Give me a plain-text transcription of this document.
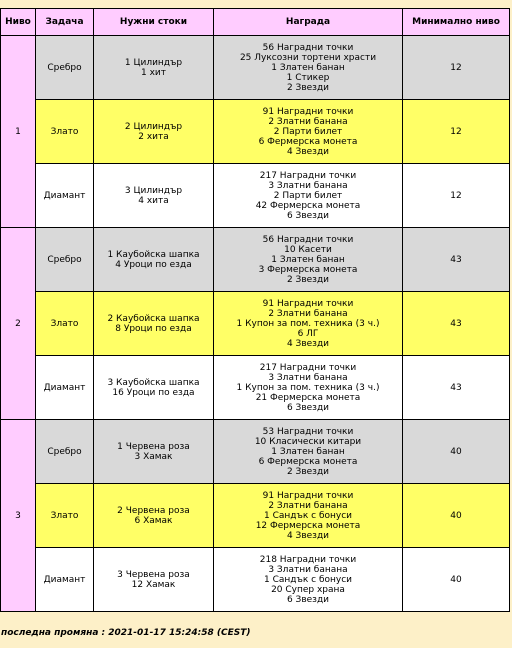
Ниво	Задача	Нужни стоки	Награда	Минимално ниво
1	Сребро	1 Цилиндър
1 хит	56 Наградни точки
25 Луксозни тортени храсти
1 Златен банан
1 Стикер
2 Звезди	12
	Злато	2 Цилиндър
2 хита	91 Наградни точки
2 Златни банана
2 Парти билет
6 Фермерска монета
4 Звезди	12
	Диамант	3 Цилиндър
4 хита	217 Наградни точки
3 Златни банана
2 Парти билет
42 Фермерска монета
6 Звезди	12
2	Сребро	1 Каубойска шапка
4 Уроци по езда	56 Наградни точки
10 Касети
1 Златен банан
3 Фермерска монета
2 Звезди	43
	Злато	2 Каубойска шапка
8 Уроци по езда	91 Наградни точки
2 Златни банана
1 Купон за пом. техника (3 ч.)
6 ЛГ
4 Звезди	43
	Диамант	3 Каубойска шапка
16 Уроци по езда	217 Наградни точки
3 Златни банана
1 Купон за пом. техника (3 ч.)
21 Фермерска монета
6 Звезди	43
3	Сребро	1 Червена роза
3 Хамак	53 Наградни точки
10 Класически китари
1 Златен банан
6 Фермерска монета
2 Звезди	40
	Злато	2 Червена роза
6 Хамак	91 Наградни точки
2 Златни банана
1 Сандък с бонуси
12 Фермерска монета
4 Звезди	40
	Диамант	3 Червена роза
12 Хамак	218 Наградни точки
3 Златни банана
1 Сандък с бонуси
20 Супер храна
6 Звезди	40
последна промяна : 2021-01-17 15:24:58 (CEST)
